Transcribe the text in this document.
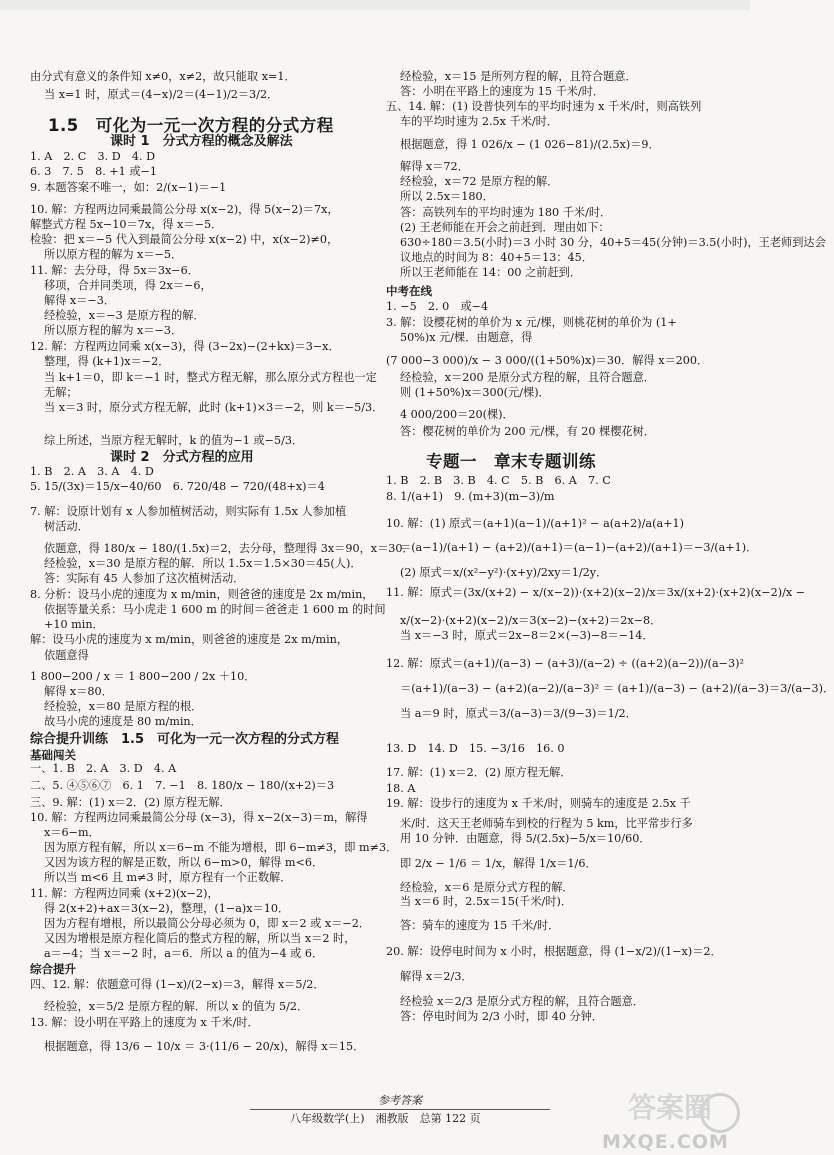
由分式有意义的条件知 x≠0，x≠2，故只能取 x=1．
当 x=1 时，原式＝(4−x)/2＝(4−1)/2＝3/2．
1.5　可化为一元一次方程的分式方程
课时 1　分式方程的概念及解法
1. A　2. C　3. D　4. D
6. 3　7. 5　8. +1 或−1
9. 本题答案不唯一，如：2/(x−1)＝−1
10. 解：方程两边同乘最简公分母 x(x−2)，得 5(x−2)＝7x，
解整式方程 5x−10＝7x，得 x＝−5．
检验：把 x＝−5 代入到最简公分母 x(x−2) 中，x(x−2)≠0，
所以原方程的解为 x＝−5．
11. 解：去分母，得 5x＝3x−6．
移项，合并同类项，得 2x＝−6，
解得 x＝−3．
经检验，x＝−3 是原方程的解．
所以原方程的解为 x＝−3．
12. 解：方程两边同乘 x(x−3)，得 (3−2x)−(2+kx)＝3−x．
整理，得 (k+1)x＝−2．
当 k+1＝0，即 k＝−1 时，整式方程无解，那么原分式方程也一定
无解；
当 x＝3 时，原分式方程无解，此时 (k+1)×3＝−2，则 k＝−5/3．
综上所述，当原方程无解时，k 的值为−1 或−5/3．
课时 2　分式方程的应用
1. B　2. A　3. A　4. D
5. 15/(3x)＝15/x−40/60　6. 720/48 − 720/(48+x)＝4
7. 解：设原计划有 x 人参加植树活动，则实际有 1.5x 人参加植
树活动．
依题意，得 180/x − 180/(1.5x)＝2，去分母，整理得 3x＝90，x＝30．
经检验，x＝30 是原方程的解．所以 1.5x＝1.5×30＝45(人)．
答：实际有 45 人参加了这次植树活动．
8. 分析：设马小虎的速度为 x m/min，则爸爸的速度是 2x m/min，
依据等量关系：马小虎走 1 600 m 的时间＝爸爸走 1 600 m 的时间
+10 min．
解：设马小虎的速度为 x m/min，则爸爸的速度是 2x m/min，
依题意得
1 800−200 / x ＝ 1 800−200 / 2x ＋10．
解得 x＝80．
经检验，x＝80 是原方程的根．
故马小虎的速度是 80 m/min．
综合提升训练　1.5　可化为一元一次方程的分式方程
基础闯关
一、1. B　2. A　3. D　4. A
二、5. ④⑤⑥⑦　6. 1　7. −1　8. 180/x − 180/(x+2)＝3
三、9. 解：(1) x＝2．(2) 原方程无解．
10. 解：方程两边同乘最简公分母 (x−3)，得 x−2(x−3)＝m，解得
x＝6−m．
因为原方程有解，所以 x＝6−m 不能为增根，即 6−m≠3，即 m≠3．
又因为该方程的解是正数，所以 6−m>0，解得 m<6．
所以当 m<6 且 m≠3 时，原方程有一个正数解．
11. 解：方程两边同乘 (x+2)(x−2)，
得 2(x+2)+ax＝3(x−2)，整理，(1−a)x＝10．
因为方程有增根，所以最简公分母必须为 0，即 x＝2 或 x＝−2．
又因为增根是原方程化简后的整式方程的解，所以当 x＝2 时，
a＝−4；当 x＝−2 时，a＝6．所以 a 的值为−4 或 6．
综合提升
四、12. 解：依题意可得 (1−x)/(2−x)＝3，解得 x＝5/2．
经检验，x＝5/2 是原方程的解．所以 x 的值为 5/2．
13. 解：设小明在平路上的速度为 x 千米/时．
根据题意，得 13/6 − 10/x ＝ 3·(11/6 − 20/x)，解得 x＝15．
经检验，x＝15 是所列方程的解，且符合题意．
答：小明在平路上的速度为 15 千米/时．
五、14. 解：(1) 设普快列车的平均时速为 x 千米/时，则高铁列
车的平均时速为 2.5x 千米/时．
根据题意，得 1 026/x − (1 026−81)/(2.5x)＝9．
解得 x＝72．
经检验，x＝72 是原方程的解．
所以 2.5x＝180．
答：高铁列车的平均时速为 180 千米/时．
(2) 王老师能在开会之前赶到．理由如下：
630÷180＝3.5(小时)＝3 小时 30 分，40+5＝45(分钟)＝3.5(小时)，王老师到达会
议地点的时间为 8：40+5＝13：45．
所以王老师能在 14：00 之前赶到．
中考在线
1. −5　2. 0　或−4
3. 解：设樱花树的单价为 x 元/棵，则桃花树的单价为 (1+
50%)x 元/棵．由题意，得
(7 000−3 000)/x − 3 000/((1+50%)x)＝30．解得 x＝200．
经检验，x＝200 是原分式方程的解，且符合题意．
则 (1+50%)x＝300(元/棵)．
4 000/200＝20(棵)．
答：樱花树的单价为 200 元/棵，有 20 棵樱花树．
专题一　章末专题训练
1. B　2. B　3. B　4. C　5. B　6. A　7. C
8. 1/(a+1)　9. (m+3)(m−3)/m
10. 解：(1) 原式＝(a+1)(a−1)/(a+1)² − a(a+2)/a(a+1)
＝(a−1)/(a+1) − (a+2)/(a+1)＝(a−1)−(a+2)/(a+1)＝−3/(a+1)．
(2) 原式＝x/(x²−y²)·(x+y)/2xy＝1/2y．
11. 解：原式＝(3x/(x+2) − x/(x−2))·(x+2)(x−2)/x＝3x/(x+2)·(x+2)(x−2)/x −
x/(x−2)·(x+2)(x−2)/x＝3(x−2)−(x+2)＝2x−8．
当 x＝−3 时，原式＝2x−8＝2×(−3)−8＝−14．
12. 解：原式＝(a+1)/(a−3) − (a+3)/(a−2) ÷ ((a+2)(a−2))/(a−3)²
＝(a+1)/(a−3) − (a+2)(a−2)/(a−3)² ＝ (a+1)/(a−3) − (a+2)/(a−3)＝3/(a−3)．
当 a＝9 时，原式＝3/(a−3)＝3/(9−3)＝1/2．
13. D　14. D　15. −3/16　16. 0
17. 解：(1) x＝2．(2) 原方程无解．
18. A
19. 解：设步行的速度为 x 千米/时，则骑车的速度是 2.5x 千
米/时．这天王老师骑车到校的行程为 5 km，比平常步行多
用 10 分钟．由题意，得 5/(2.5x)−5/x＝10/60．
即 2/x − 1/6 ＝ 1/x，解得 1/x＝1/6．
经检验，x＝6 是原分式方程的解．
当 x＝6 时，2.5x＝15(千米/时)．
答：骑车的速度为 15 千米/时．
20. 解：设停电时间为 x 小时，根据题意，得 (1−x/2)/(1−x)＝2．
解得 x＝2/3．
经检验 x＝2/3 是原分式方程的解，且符合题意．
答：停电时间为 2/3 小时，即 40 分钟．
参考答案
八年级数学(上)　湘教版　总第 122 页	答案圈
MXQE.COM
